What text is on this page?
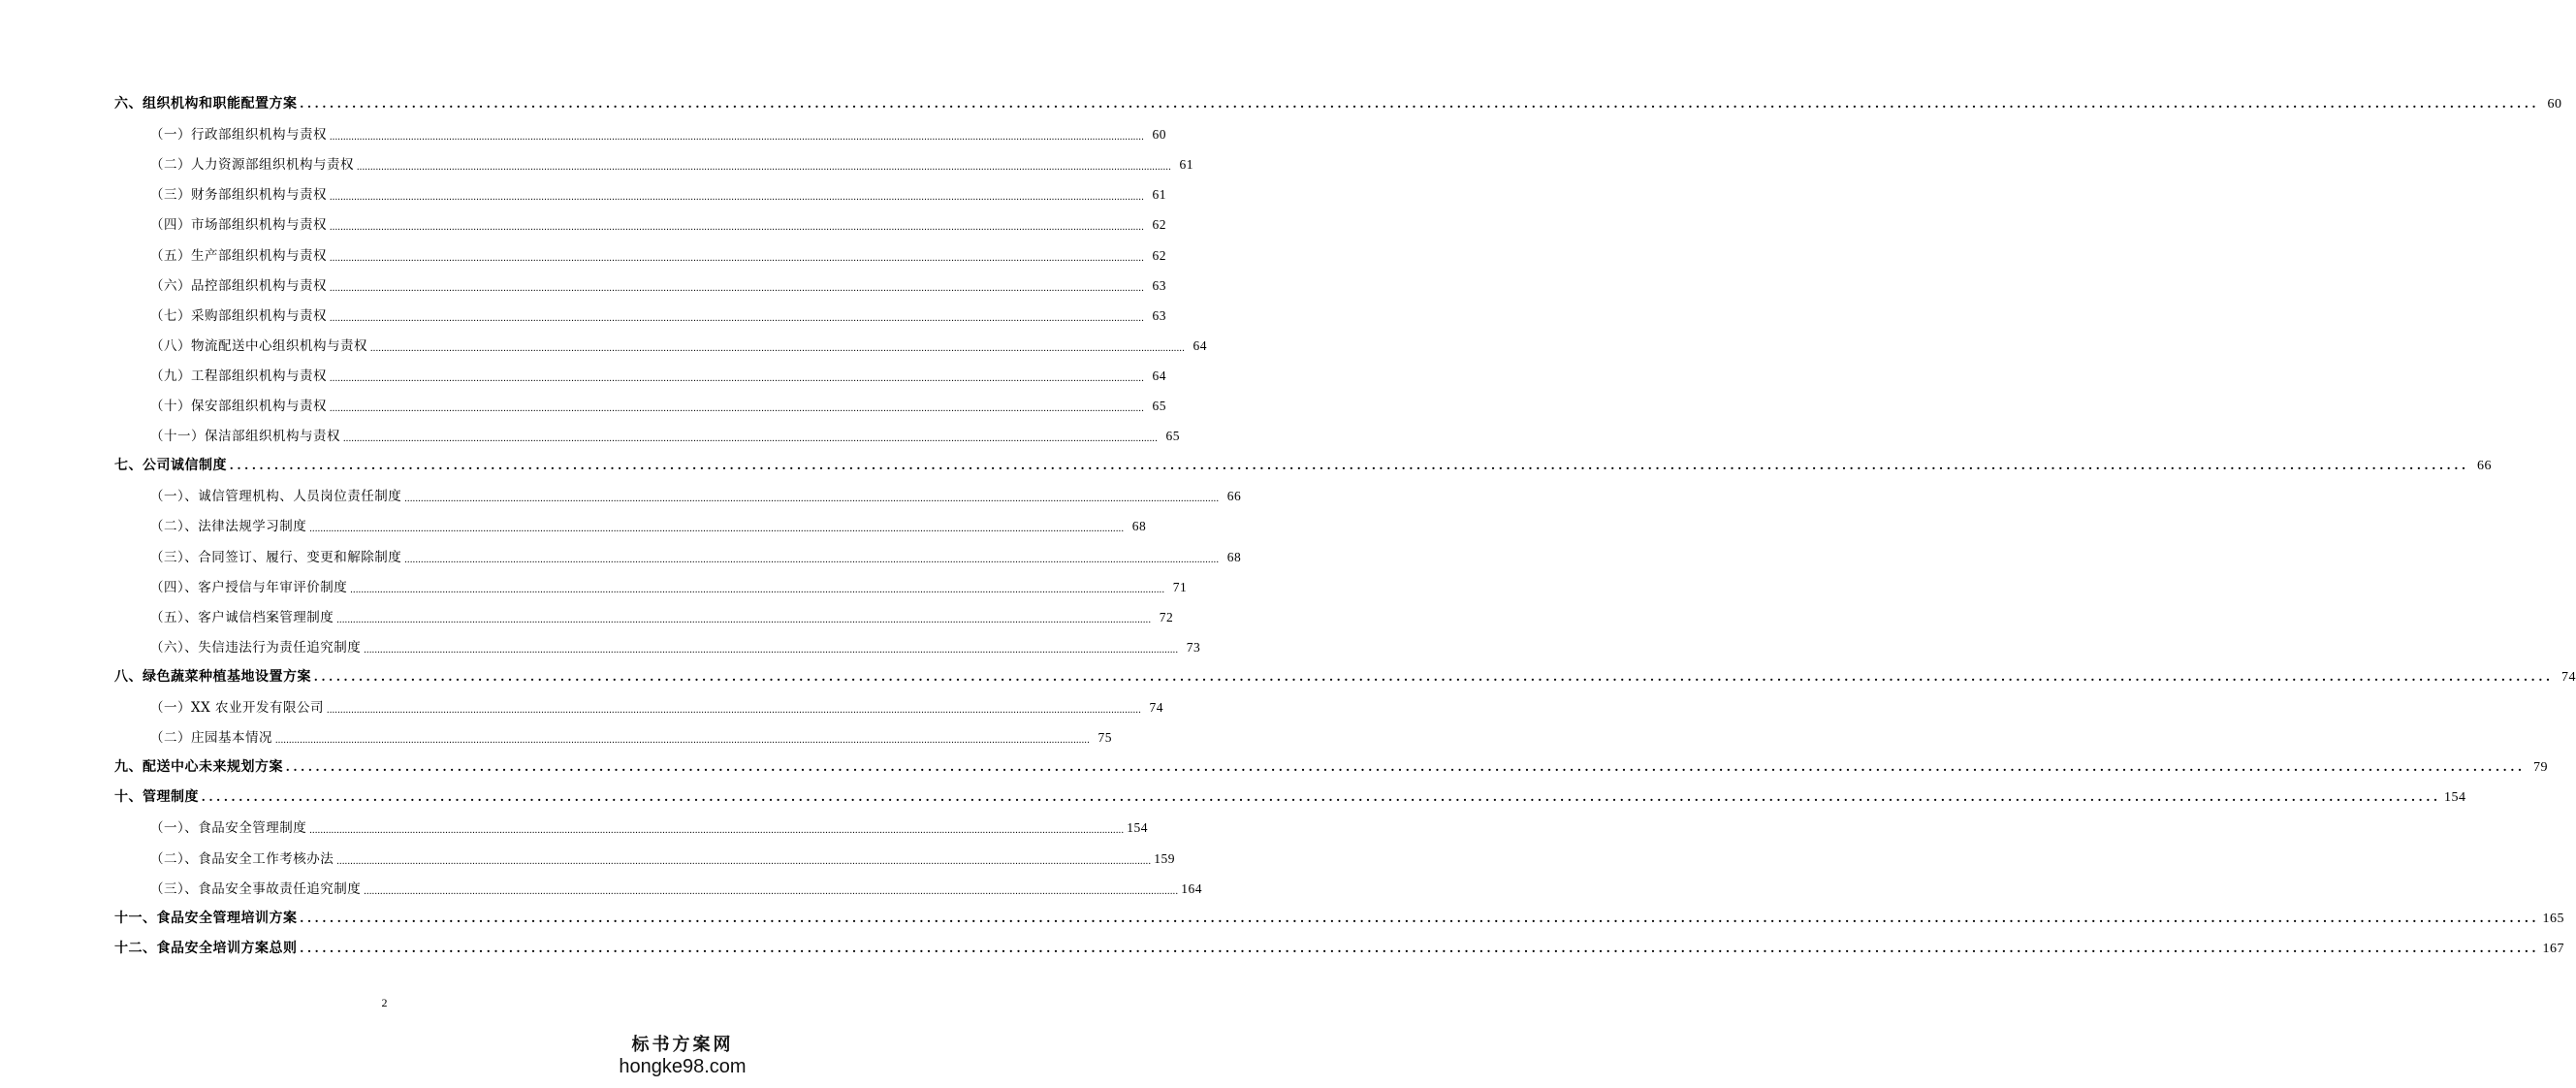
六、组织机构和职能配置方案 ............................................................................................................................................................................................................................................................................................................ 60
（一）行政部组织机构与责权 ............................................................................................................................................................................................................................................................................................................ 60
（二）人力资源部组织机构与责权 ............................................................................................................................................................................................................................................................................................................ 61
（三）财务部组织机构与责权 ............................................................................................................................................................................................................................................................................................................ 61
（四）市场部组织机构与责权 ............................................................................................................................................................................................................................................................................................................ 62
（五）生产部组织机构与责权 ............................................................................................................................................................................................................................................................................................................ 62
（六）品控部组织机构与责权 ............................................................................................................................................................................................................................................................................................................ 63
（七）采购部组织机构与责权 ............................................................................................................................................................................................................................................................................................................ 63
（八）物流配送中心组织机构与责权 ............................................................................................................................................................................................................................................................................................................ 64
（九）工程部组织机构与责权 ............................................................................................................................................................................................................................................................................................................ 64
（十）保安部组织机构与责权 ............................................................................................................................................................................................................................................................................................................ 65
（十一）保洁部组织机构与责权 ............................................................................................................................................................................................................................................................................................................ 65
七、公司诚信制度 ............................................................................................................................................................................................................................................................................................................ 66
（一）、诚信管理机构、人员岗位责任制度 ............................................................................................................................................................................................................................................................................................................ 66
（二）、法律法规学习制度 ............................................................................................................................................................................................................................................................................................................ 68
（三）、合同签订、履行、变更和解除制度 ............................................................................................................................................................................................................................................................................................................ 68
（四）、客户授信与年审评价制度 ............................................................................................................................................................................................................................................................................................................ 71
（五）、客户诚信档案管理制度 ............................................................................................................................................................................................................................................................................................................ 72
（六）、失信违法行为责任追究制度 ............................................................................................................................................................................................................................................................................................................ 73
八、绿色蔬菜种植基地设置方案 ............................................................................................................................................................................................................................................................................................................ 74
（一）XX 农业开发有限公司 ............................................................................................................................................................................................................................................................................................................ 74
（二）庄园基本情况 ............................................................................................................................................................................................................................................................................................................ 75
九、配送中心未来规划方案 ............................................................................................................................................................................................................................................................................................................ 79
十、管理制度 ............................................................................................................................................................................................................................................................................................................ 154
（一）、食品安全管理制度 ............................................................................................................................................................................................................................................................................................................ 154
（二）、食品安全工作考核办法 ............................................................................................................................................................................................................................................................................................................ 159
（三）、食品安全事故责任追究制度 ............................................................................................................................................................................................................................................................................................................ 164
十一、食品安全管理培训方案 ............................................................................................................................................................................................................................................................................................................ 165
十二、食品安全培训方案总则 ............................................................................................................................................................................................................................................................................................................ 167
2
标书方案网
hongke98.com
